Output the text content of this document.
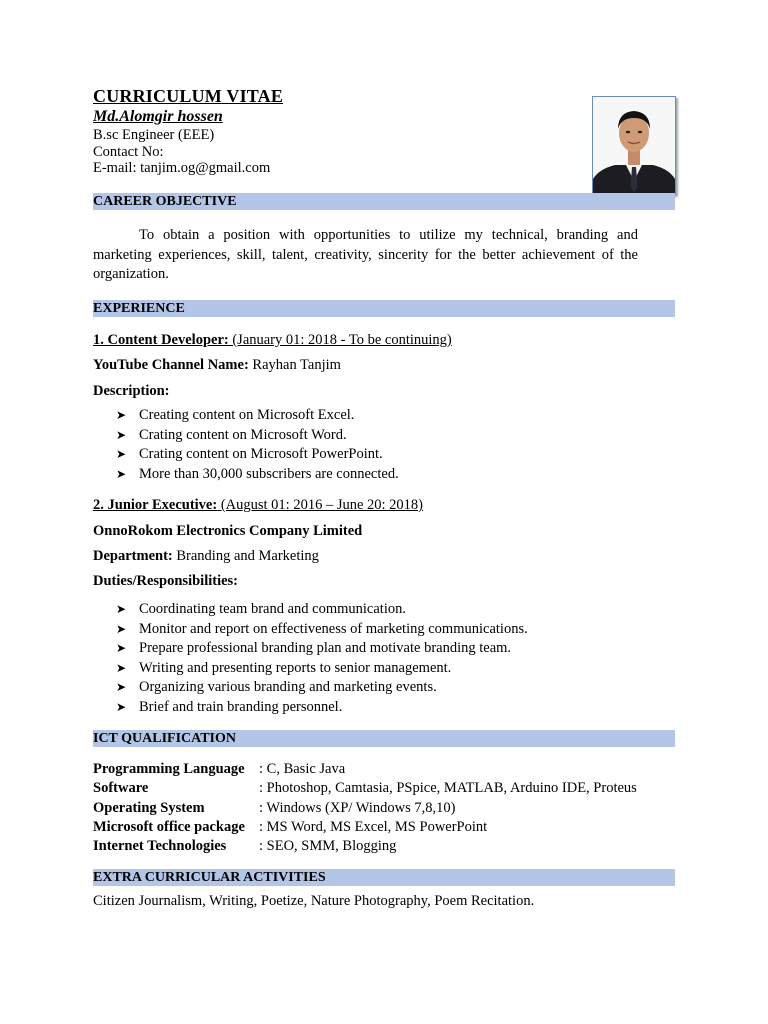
CURRICULUM VITAE
Md.Alomgir hossen
B.sc Engineer (EEE)
Contact No:
E-mail: tanjim.og@gmail.com
CAREER OBJECTIVE
To obtain a position with opportunities to utilize my technical, branding and marketing experiences, skill, talent, creativity, sincerity for the better achievement of the organization.
EXPERIENCE
1. Content Developer: (January 01: 2018 - To be continuing)
YouTube Channel Name: Rayhan Tanjim
Description:
➤ Creating content on Microsoft Excel.
➤ Crating content on Microsoft Word.
➤ Crating content on Microsoft PowerPoint.
➤ More than 30,000 subscribers are connected.
2. Junior Executive: (August 01: 2016 – June 20: 2018)
OnnoRokom Electronics Company Limited
Department: Branding and Marketing
Duties/Responsibilities:
➤ Coordinating team brand and communication.
➤ Monitor and report on effectiveness of marketing communications.
➤ Prepare professional branding plan and motivate branding team.
➤ Writing and presenting reports to senior management.
➤ Organizing various branding and marketing events.
➤ Brief and train branding personnel.
ICT QUALIFICATION
Programming Language	: C, Basic Java
Software	: Photoshop, Camtasia, PSpice, MATLAB, Arduino IDE, Proteus
Operating System	: Windows (XP/ Windows 7,8,10)
Microsoft office package	: MS Word, MS Excel, MS PowerPoint
Internet Technologies	: SEO, SMM, Blogging
EXTRA CURRICULAR ACTIVITIES
Citizen Journalism, Writing, Poetize, Nature Photography, Poem Recitation.
